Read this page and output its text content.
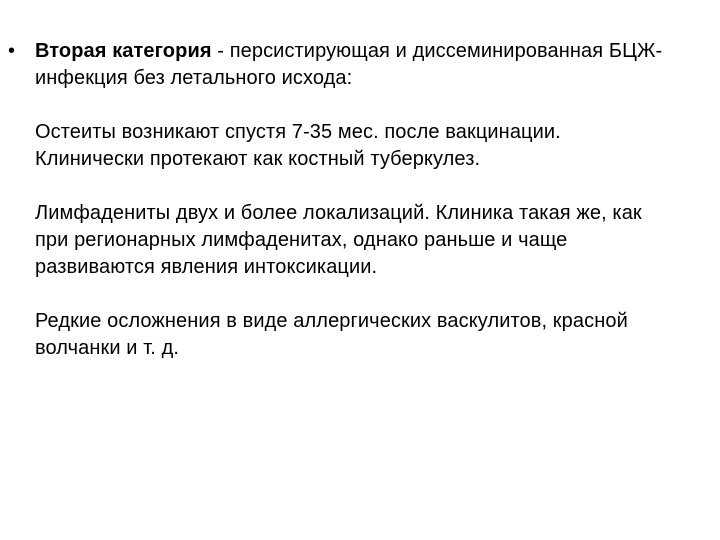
• Вторая категория - персистирующая и диссеминированная БЦЖ-инфекция без летального исхода:

Остеиты возникают спустя 7-35 мес. после вакцинации. Клинически протекают как костный туберкулез.

Лимфадениты двух и более локализаций. Клиника такая же, как при регионарных лимфаденитах, однако раньше и чаще развиваются явления интоксикации.

Редкие осложнения в виде аллергических васкулитов, красной волчанки и т. д.
